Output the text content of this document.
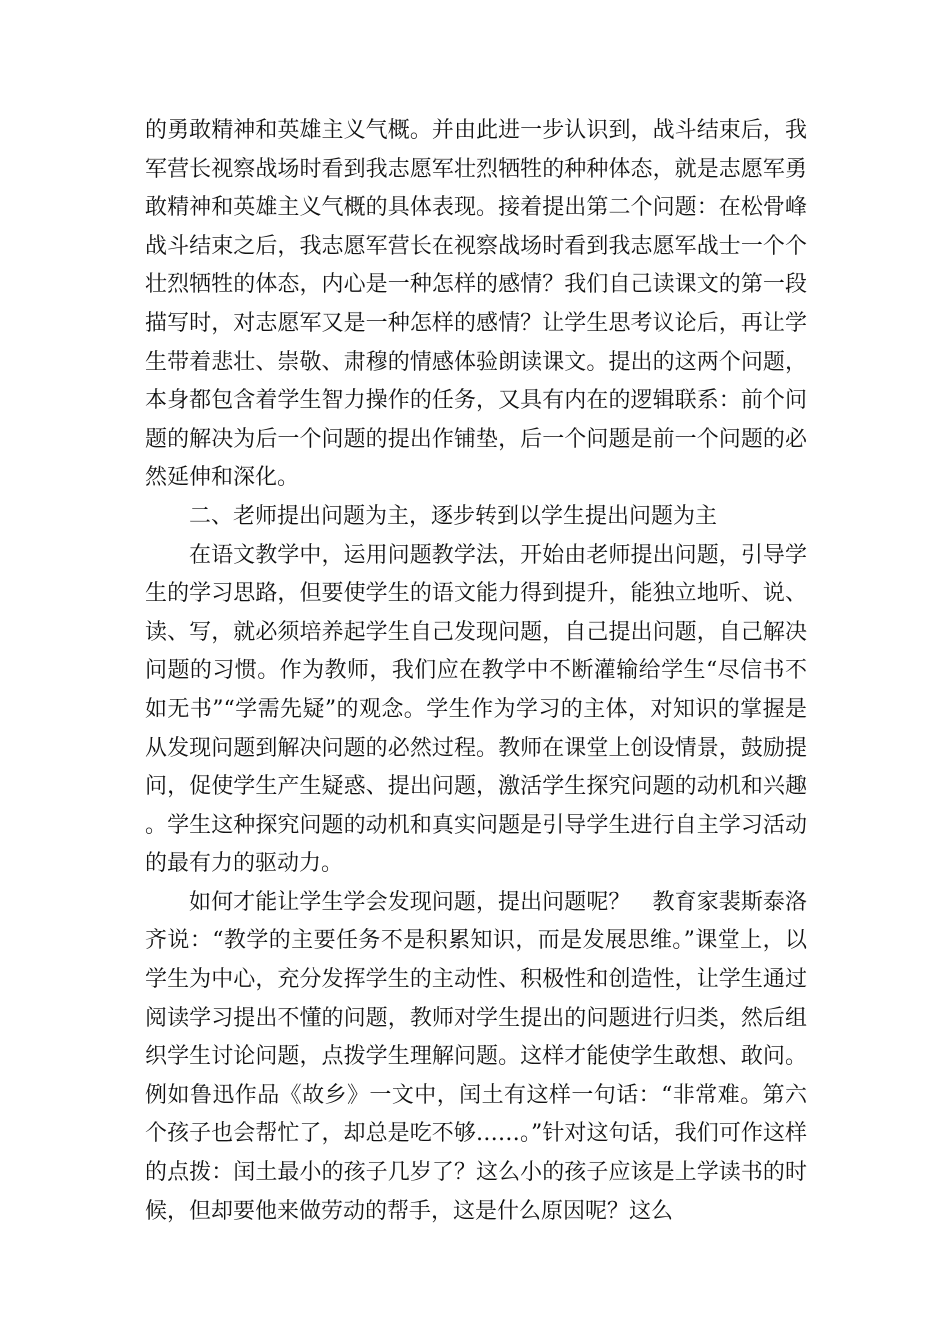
的勇敢精神和英雄主义气概。并由此进一步认识到，战斗结束后，我军营长视察战场时看到我志愿军壮烈牺牲的种种体态，就是志愿军勇敢精神和英雄主义气概的具体表现。接着提出第二个问题：在松骨峰战斗结束之后，我志愿军营长在视察战场时看到我志愿军战士一个个壮烈牺牲的体态，内心是一种怎样的感情？我们自己读课文的第一段描写时，对志愿军又是一种怎样的感情？让学生思考议论后，再让学生带着悲壮、崇敬、肃穆的情感体验朗读课文。提出的这两个问题，本身都包含着学生智力操作的任务，又具有内在的逻辑联系：前个问题的解决为后一个问题的提出作铺垫，后一个问题是前一个问题的必然延伸和深化。

二、老师提出问题为主，逐步转到以学生提出问题为主

在语文教学中，运用问题教学法，开始由老师提出问题，引导学生的学习思路，但要使学生的语文能力得到提升，能独立地听、说、读、写，就必须培养起学生自己发现问题，自己提出问题，自己解决问题的习惯。作为教师，我们应在教学中不断灌输给学生“尽信书不如无书”“学需先疑”的观念。学生作为学习的主体，对知识的掌握是从发现问题到解决问题的必然过程。教师在课堂上创设情景，鼓励提问，促使学生产生疑惑、提出问题，激活学生探究问题的动机和兴趣。学生这种探究问题的动机和真实问题是引导学生进行自主学习活动的最有力的驱动力。

如何才能让学生学会发现问题，提出问题呢？　教育家裴斯泰洛齐说：“教学的主要任务不是积累知识，而是发展思维。”课堂上，以学生为中心，充分发挥学生的主动性、积极性和创造性，让学生通过阅读学习提出不懂的问题，教师对学生提出的问题进行归类，然后组织学生讨论问题，点拨学生理解问题。这样才能使学生敢想、敢问。例如鲁迅作品《故乡》一文中，闰土有这样一句话：“非常难。第六个孩子也会帮忙了，却总是吃不够……。”针对这句话，我们可作这样的点拨：闰土最小的孩子几岁了？这么小的孩子应该是上学读书的时候，但却要他来做劳动的帮手，这是什么原因呢？这么
